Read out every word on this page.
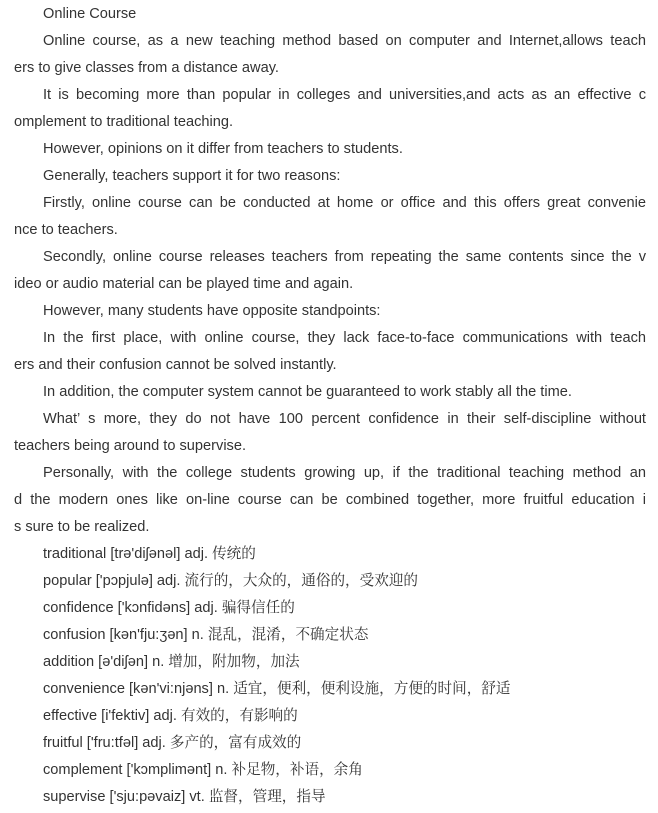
Online Course
Online course, as a new teaching method based on computer and Internet,allows teach
ers to give classes from a distance away.
It is becoming more than popular in colleges and universities,and acts as an effective c
omplement to traditional teaching.
However, opinions on it differ from teachers to students.
Generally, teachers support it for two reasons:
Firstly, online course can be conducted at home or office and this offers great convenie
nce to teachers.
Secondly, online course releases teachers from repeating the same contents since the v
ideo or audio material can be played time and again.
However, many students have opposite standpoints:
In the first place, with online course, they lack face-to-face communications with teach
ers and their confusion cannot be solved instantly.
In addition, the computer system cannot be guaranteed to work stably all the time.
What’ s more, they do not have 100 percent confidence in their self-discipline without
teachers being around to supervise.
Personally, with the college students growing up, if the traditional teaching method an
d the modern ones like on-line course can be combined together, more fruitful education i
s sure to be realized.
traditional [trə'diʃənəl] adj. 传统的
popular ['pɔpjulə] adj. 流行的，大众的，通俗的，受欢迎的
confidence ['kɔnfidəns] adj. 骗得信任的
confusion [kən'fju:ʒən] n. 混乱，混淆，不确定状态
addition [ə'diʃən] n. 增加，附加物，加法
convenience [kən'vi:njəns] n. 适宜，便利，便利设施，方便的时间，舒适
effective [i'fektiv] adj. 有效的，有影响的
fruitful ['fru:tfəl] adj. 多产的，富有成效的
complement ['kɔmplimənt] n. 补足物，补语，余角
supervise ['sju:pəvaiz] vt. 监督，管理，指导
